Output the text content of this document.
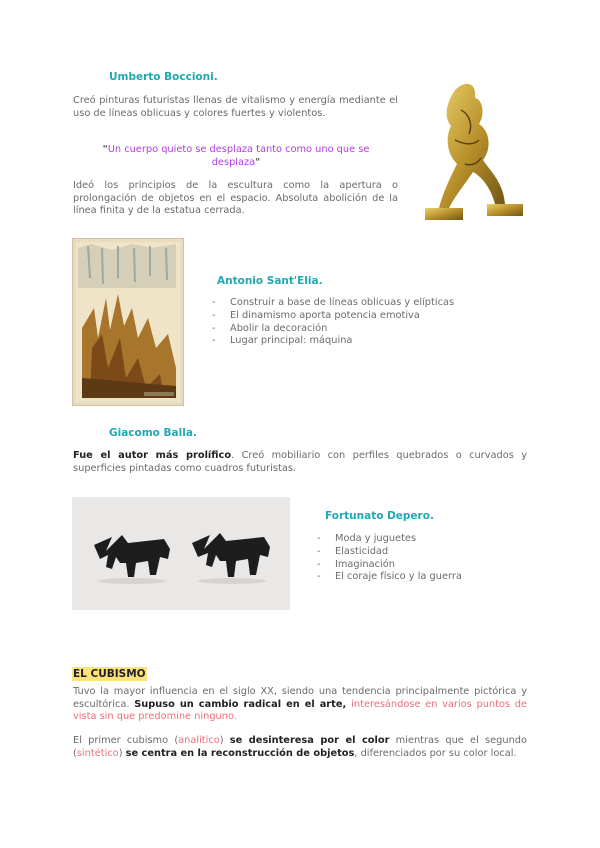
Umberto Boccioni.
Creó pinturas futuristas llenas de vitalismo y energía mediante el uso de líneas oblicuas y colores fuertes y violentos.
"Un cuerpo quieto se desplaza tanto como uno que se desplaza"
Ideó los principios de la escultura como la apertura o prolongación de objetos en el espacio. Absoluta abolición de la línea finita y de la estatua cerrada.
Antonio Sant'Elia.
- Construir a base de líneas oblicuas y elípticas
- El dinamismo aporta potencia emotiva
- Abolir la decoración
- Lugar principal: máquina
Giacomo Balla.
Fue el autor más prolífico. Creó mobiliario con perfiles quebrados o curvados y superficies pintadas como cuadros futuristas.
Fortunato Depero.
- Moda y juguetes
- Elasticidad
- Imaginación
- El coraje físico y la guerra
EL CUBISMO
Tuvo la mayor influencia en el siglo XX, siendo una tendencia principalmente pictórica y escultórica. Supuso un cambio radical en el arte, interesándose en varios puntos de vista sin que predomine ninguno.
El primer cubismo (analítico) se desinteresa por el color mientras que el segundo (sintético) se centra en la reconstrucción de objetos, diferenciados por su color local.
